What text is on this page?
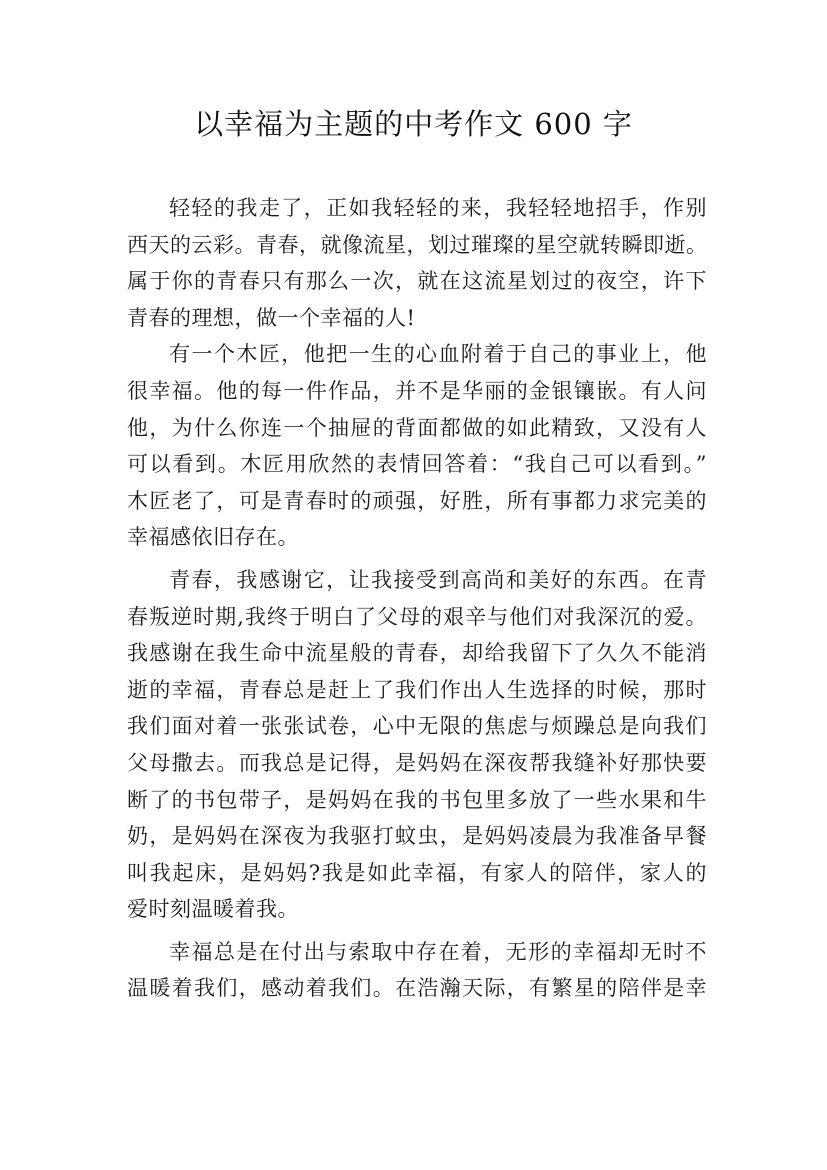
以幸福为主题的中考作文 600 字
轻轻的我走了，正如我轻轻的来，我轻轻地招手，作别
西天的云彩。青春，就像流星，划过璀璨的星空就转瞬即逝。
属于你的青春只有那么一次，就在这流星划过的夜空，许下
青春的理想，做一个幸福的人!
有一个木匠，他把一生的心血附着于自己的事业上，他
很幸福。他的每一件作品，并不是华丽的金银镶嵌。有人问
他，为什么你连一个抽屉的背面都做的如此精致，又没有人
可以看到。木匠用欣然的表情回答着：“我自己可以看到。”
木匠老了，可是青春时的顽强，好胜，所有事都力求完美的
幸福感依旧存在。
青春，我感谢它，让我接受到高尚和美好的东西。在青
春叛逆时期,我终于明白了父母的艰辛与他们对我深沉的爱。
我感谢在我生命中流星般的青春，却给我留下了久久不能消
逝的幸福，青春总是赶上了我们作出人生选择的时候，那时
我们面对着一张张试卷，心中无限的焦虑与烦躁总是向我们
父母撒去。而我总是记得，是妈妈在深夜帮我缝补好那快要
断了的书包带子，是妈妈在我的书包里多放了一些水果和牛
奶，是妈妈在深夜为我驱打蚊虫，是妈妈凌晨为我准备早餐
叫我起床，是妈妈?我是如此幸福，有家人的陪伴，家人的
爱时刻温暖着我。
幸福总是在付出与索取中存在着，无形的幸福却无时不
温暖着我们，感动着我们。在浩瀚天际，有繁星的陪伴是幸
